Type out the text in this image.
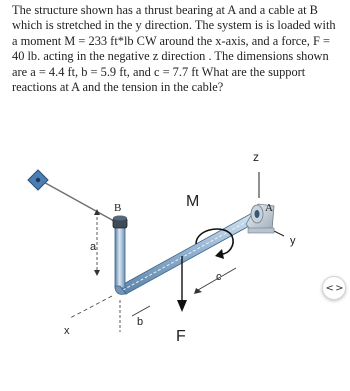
The structure shown has a thrust bearing at A and a cable at B which is stretched in the y direction. The system is is loaded with a moment M = 233 ft*lb CW around the x-axis, and a force, F = 40 lb. acting in the negative z direction . The dimensions shown are a = 4.4 ft, b = 5.9 ft, and c = 7.7 ft What are the support reactions at A and the tension in the cable?

z
y
x
B	A
M
F
a
b
c
< >
